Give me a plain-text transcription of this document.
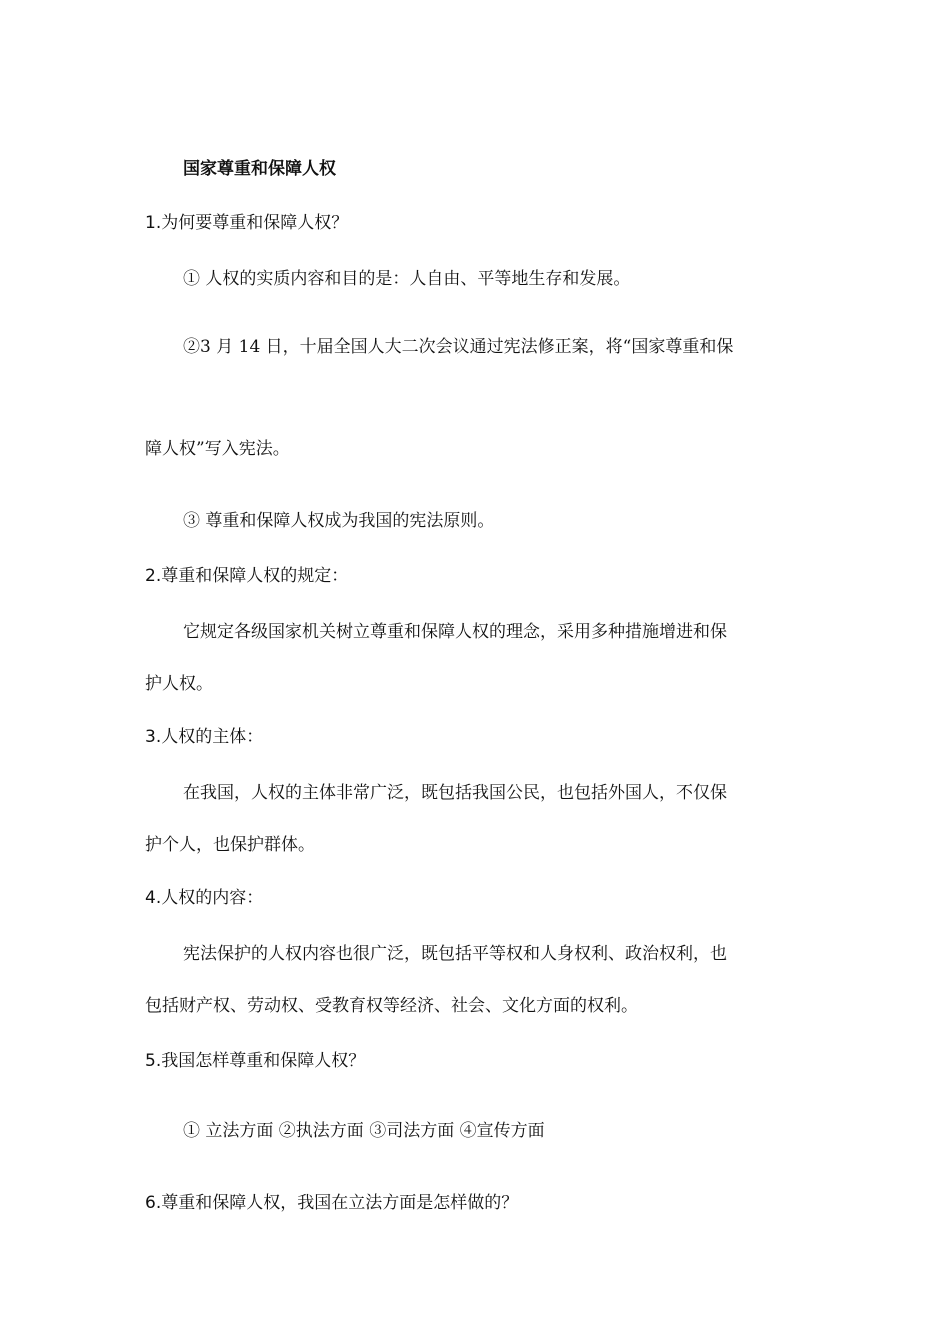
国家尊重和保障人权
1.为何要尊重和保障人权？
① 人权的实质内容和目的是：人自由、平等地生存和发展。
②3 月 14 日，十届全国人大二次会议通过宪法修正案，将“国家尊重和保
障人权”写入宪法。
③ 尊重和保障人权成为我国的宪法原则。
2.尊重和保障人权的规定：
它规定各级国家机关树立尊重和保障人权的理念，采用多种措施增进和保
护人权。
3.人权的主体：
在我国，人权的主体非常广泛，既包括我国公民，也包括外国人，不仅保
护个人，也保护群体。
4.人权的内容：
宪法保护的人权内容也很广泛，既包括平等权和人身权利、政治权利，也
包括财产权、劳动权、受教育权等经济、社会、文化方面的权利。
5.我国怎样尊重和保障人权？
① 立法方面 ②执法方面 ③司法方面 ④宣传方面
6.尊重和保障人权，我国在立法方面是怎样做的？
